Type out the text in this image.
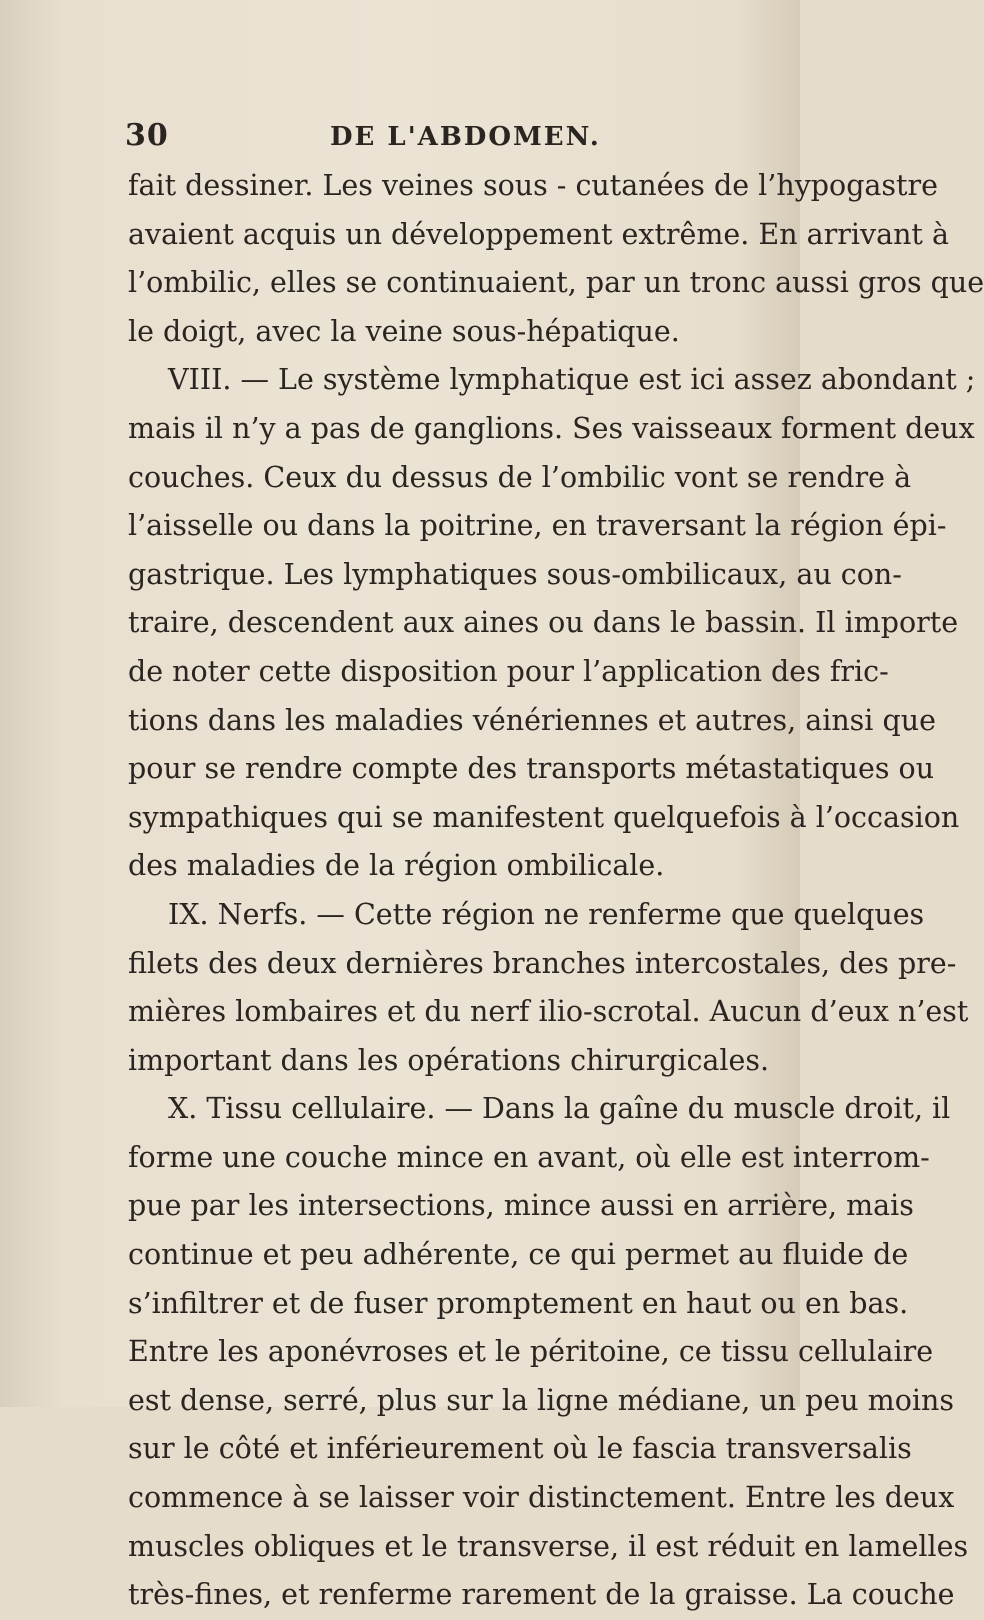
30	DE L'ABDOMEN.
fait dessiner. Les veines sous - cutanées de l’hypogastre
avaient acquis un développement extrême. En arrivant à
l’ombilic, elles se continuaient, par un tronc aussi gros que
le doigt, avec la veine sous-hépatique.
VIII. — Le système lymphatique est ici assez abondant ;
mais il n’y a pas de ganglions. Ses vaisseaux forment deux
couches. Ceux du dessus de l’ombilic vont se rendre à
l’aisselle ou dans la poitrine, en traversant la région épi-
gastrique. Les lymphatiques sous-ombilicaux, au con-
traire, descendent aux aines ou dans le bassin. Il importe
de noter cette disposition pour l’application des fric-
tions dans les maladies vénériennes et autres, ainsi que
pour se rendre compte des transports métastatiques ou
sympathiques qui se manifestent quelquefois à l’occasion
des maladies de la région ombilicale.
IX. Nerfs. — Cette région ne renferme que quelques
filets des deux dernières branches intercostales, des pre-
mières lombaires et du nerf ilio-scrotal. Aucun d’eux n’est
important dans les opérations chirurgicales.
X. Tissu cellulaire. — Dans la gaîne du muscle droit, il
forme une couche mince en avant, où elle est interrom-
pue par les intersections, mince aussi en arrière, mais
continue et peu adhérente, ce qui permet au fluide de
s’infiltrer et de fuser promptement en haut ou en bas.
Entre les aponévroses et le péritoine, ce tissu cellulaire
est dense, serré, plus sur la ligne médiane, un peu moins
sur le côté et inférieurement où le fascia transversalis
commence à se laisser voir distinctement. Entre les deux
muscles obliques et le transverse, il est réduit en lamelles
très-fines, et renferme rarement de la graisse. La couche
